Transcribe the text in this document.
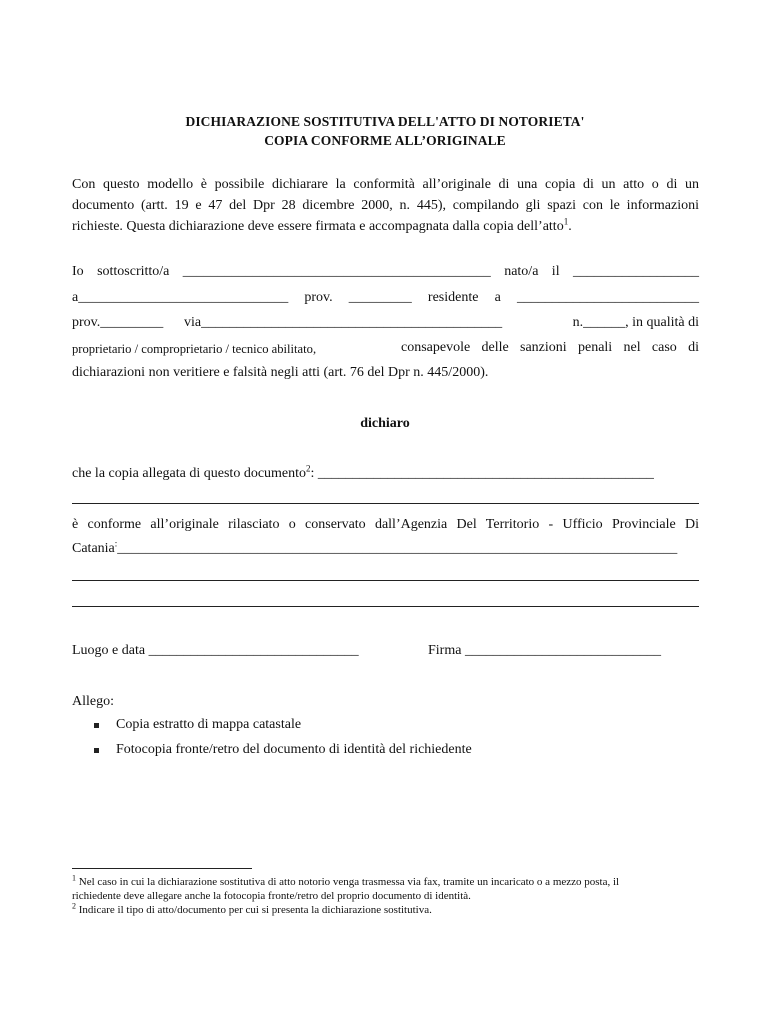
DICHIARAZIONE SOSTITUTIVA DELL'ATTO DI NOTORIETA'
COPIA CONFORME ALL’ORIGINALE
Con questo modello è possibile dichiarare la conformità all’originale di una copia di un atto o di un
documento (artt. 19 e 47 del Dpr 28 dicembre 2000, n. 445), compilando gli spazi con le informazioni
richieste. Questa dichiarazione deve essere firmata e accompagnata dalla copia dell’atto$^1$.
Io sottoscritto/a ____________________________________________ nato/a il __________________
a______________________________ prov. _________ residente a __________________________
prov._________ via___________________________________________	n.______, in qualità di
proprietario / comproprietario / tecnico abilitato,	consapevole delle sanzioni penali nel caso di
dichiarazioni non veritiere e falsità negli atti (art. 76 del Dpr n. 445/2000).
dichiaro
che la copia allegata di questo documento$^2$: ________________________________________________
è conforme all’originale rilasciato o conservato dall’Agenzia Del Territorio - Ufficio Provinciale Di
Catania:________________________________________________________________________________
Luogo e data ______________________________	Firma ____________________________
Allego:
Copia estratto di mappa catastale
Fotocopia fronte/retro del documento di identità del richiedente
$^1$ Nel caso in cui la dichiarazione sostitutiva di atto notorio venga trasmessa via fax, tramite un incaricato o a mezzo posta, il
richiedente deve allegare anche la fotocopia fronte/retro del proprio documento di identità.
$^2$ Indicare il tipo di atto/documento per cui si presenta la dichiarazione sostitutiva.
